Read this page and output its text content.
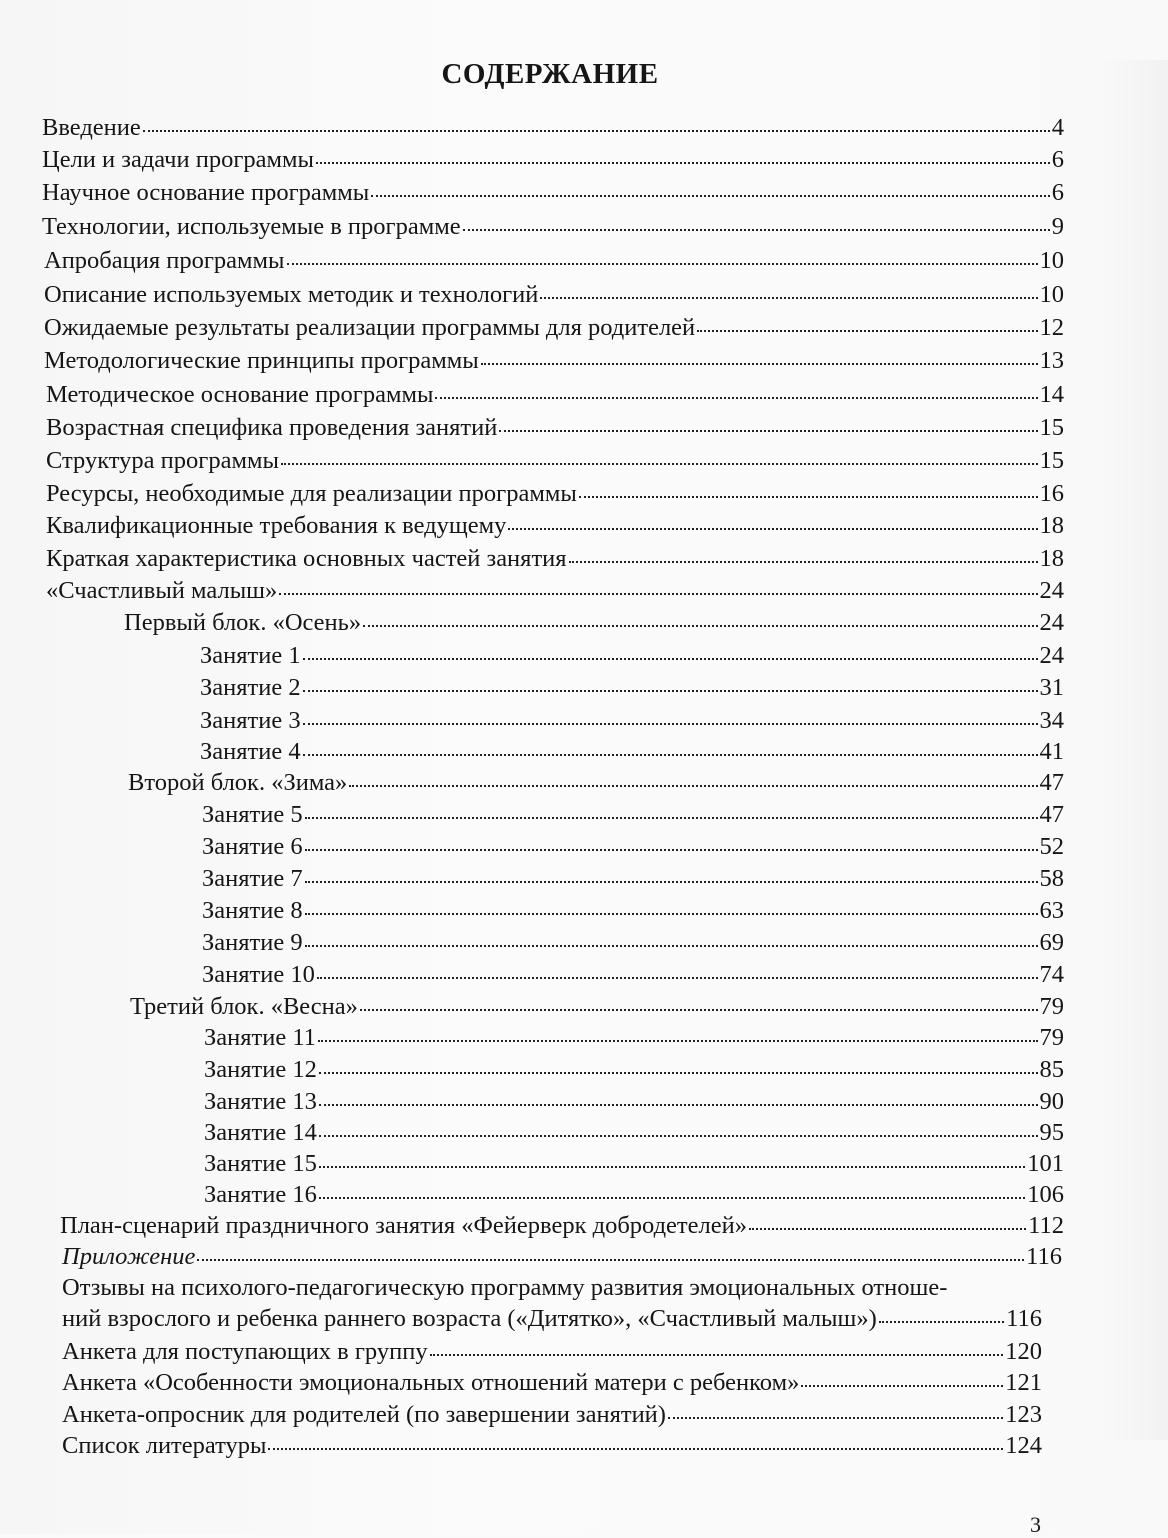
СОДЕРЖАНИЕ
Введение	4
Цели и задачи программы	6
Научное основание программы	6
Технологии, используемые в программе	9
Апробация программы	10
Описание используемых методик и технологий	10
Ожидаемые результаты реализации программы для родителей	12
Методологические принципы программы	13
Методическое основание программы	14
Возрастная специфика проведения занятий	15
Структура программы	15
Ресурсы, необходимые для реализации программы	16
Квалификационные требования к ведущему	18
Краткая характеристика основных частей занятия	18
«Счастливый малыш»	24
Первый блок. «Осень»	24
Занятие 1	24
Занятие 2	31
Занятие 3	34
Занятие 4	41
Второй блок. «Зима»	47
Занятие 5	47
Занятие 6	52
Занятие 7	58
Занятие 8	63
Занятие 9	69
Занятие 10	74
Третий блок. «Весна»	79
Занятие 11	79
Занятие 12	85
Занятие 13	90
Занятие 14	95
Занятие 15	101
Занятие 16	106
План-сценарий праздничного занятия «Фейерверк добродетелей»	112
Приложение	116
Отзывы на психолого-педагогическую программу развития эмоциональных отноше-
ний взрослого и ребенка раннего возраста («Дитятко», «Счастливый малыш»)	116
Анкета для поступающих в группу	120
Анкета «Особенности эмоциональных отношений матери с ребенком»	121
Анкета-опросник для родителей (по завершении занятий)	123
Список литературы	124
3
